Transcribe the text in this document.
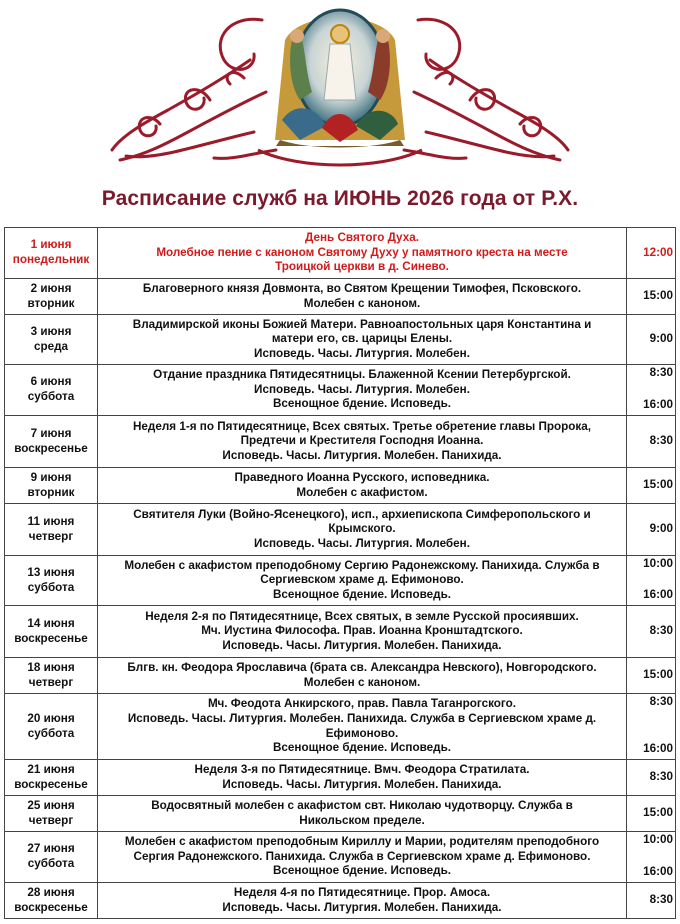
Расписание служб на ИЮНЬ 2026 года от Р.Х.
1 июня
понедельник	День Святого Духа.
Молебное пение с каноном Святому Духу у памятного креста на месте
Троицкой церкви в д. Синево.	12:00

2 июня
вторник	Благоверного князя Довмонта, во Святом Крещении Тимофея, Псковского.
Молебен с каноном.	15:00

3 июня
среда	Владимирской иконы Божией Матери. Равноапостольных царя Константина и
матери его, св. царицы Елены.
Исповедь. Часы. Литургия. Молебен.	9:00

6 июня
суббота	Отдание праздника Пятидесятницы. Блаженной Ксении Петербургской.
Исповедь. Часы. Литургия. Молебен.
Всенощное бдение. Исповедь.	8:30
16:00

7 июня
воскресенье	Неделя 1-я по Пятидесятнице, Всех святых. Третье обретение главы Пророка,
Предтечи и Крестителя Господня Иоанна.
Исповедь. Часы. Литургия. Молебен. Панихида.	8:30

9 июня
вторник	Праведного Иоанна Русского, исповедника.
Молебен с акафистом.	15:00

11 июня
четверг	Святителя Луки (Войно-Ясенецкого), исп., архиепископа Симферопольского и
Крымского.
Исповедь. Часы. Литургия. Молебен.	9:00

13 июня
суббота	Молебен с акафистом преподобному Сергию Радонежскому. Панихида. Служба в
Сергиевском храме д. Ефимоново.
Всенощное бдение. Исповедь.	10:00
16:00

14 июня
воскресенье	Неделя 2-я по Пятидесятнице, Всех святых, в земле Русской просиявших.
Мч. Иустина Философа. Прав. Иоанна Кронштадтского.
Исповедь. Часы. Литургия. Молебен. Панихида.	8:30

18 июня
четверг	Блгв. кн. Феодора Ярославича (брата св. Александра Невского), Новгородского.
Молебен с каноном.	15:00

20 июня
суббота	Мч. Феодота Анкирского, прав. Павла Таганрогского.
Исповедь. Часы. Литургия. Молебен. Панихида. Служба в Сергиевском храме д.
Ефимоново.
Всенощное бдение. Исповедь.	8:30
16:00

21 июня
воскресенье	Неделя 3-я по Пятидесятнице. Вмч. Феодора Стратилата.
Исповедь. Часы. Литургия. Молебен. Панихида.	8:30

25 июня
четверг	Водосвятный молебен с акафистом свт. Николаю чудотворцу. Служба в
Никольском пределе.	15:00

27 июня
суббота	Молебен с акафистом преподобным Кириллу и Марии, родителям преподобного
Сергия Радонежского. Панихида. Служба в Сергиевском храме д. Ефимоново.
Всенощное бдение. Исповедь.	10:00
16:00

28 июня
воскресенье	Неделя 4-я по Пятидесятнице. Прор. Амоса.
Исповедь. Часы. Литургия. Молебен. Панихида.	8:30
